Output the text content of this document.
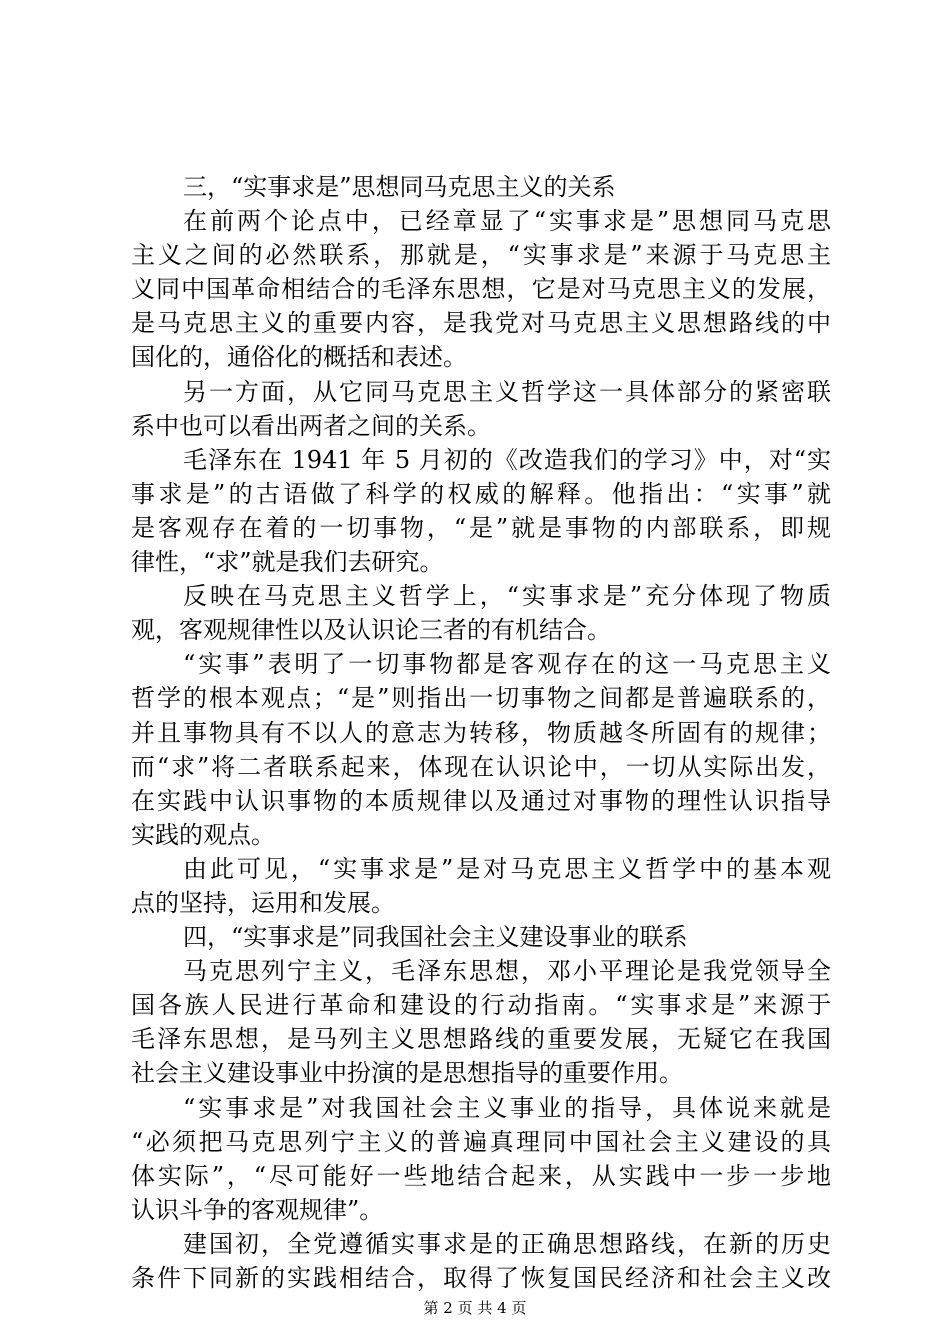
三，“实事求是”思想同马克思主义的关系
在前两个论点中，已经章显了“实事求是”思想同马克思
主义之间的必然联系，那就是，“实事求是”来源于马克思主
义同中国革命相结合的毛泽东思想，它是对马克思主义的发展，
是马克思主义的重要内容，是我党对马克思主义思想路线的中
国化的，通俗化的概括和表述。
另一方面，从它同马克思主义哲学这一具体部分的紧密联
系中也可以看出两者之间的关系。
毛泽东在 1941 年 5 月初的《改造我们的学习》中，对“实
事求是”的古语做了科学的权威的解释。他指出：“实事”就
是客观存在着的一切事物，“是”就是事物的内部联系，即规
律性，“求”就是我们去研究。
反映在马克思主义哲学上，“实事求是”充分体现了物质
观，客观规律性以及认识论三者的有机结合。
“实事”表明了一切事物都是客观存在的这一马克思主义
哲学的根本观点；“是”则指出一切事物之间都是普遍联系的，
并且事物具有不以人的意志为转移，物质越冬所固有的规律；
而“求”将二者联系起来，体现在认识论中，一切从实际出发，
在实践中认识事物的本质规律以及通过对事物的理性认识指导
实践的观点。
由此可见，“实事求是”是对马克思主义哲学中的基本观
点的坚持，运用和发展。
四，“实事求是”同我国社会主义建设事业的联系
马克思列宁主义，毛泽东思想，邓小平理论是我党领导全
国各族人民进行革命和建设的行动指南。“实事求是”来源于
毛泽东思想，是马列主义思想路线的重要发展，无疑它在我国
社会主义建设事业中扮演的是思想指导的重要作用。
“实事求是”对我国社会主义事业的指导，具体说来就是
“必须把马克思列宁主义的普遍真理同中国社会主义建设的具
体实际”，“尽可能好一些地结合起来，从实践中一步一步地
认识斗争的客观规律”。
建国初，全党遵循实事求是的正确思想路线，在新的历史
条件下同新的实践相结合，取得了恢复国民经济和社会主义改
第 2 页 共 4 页
